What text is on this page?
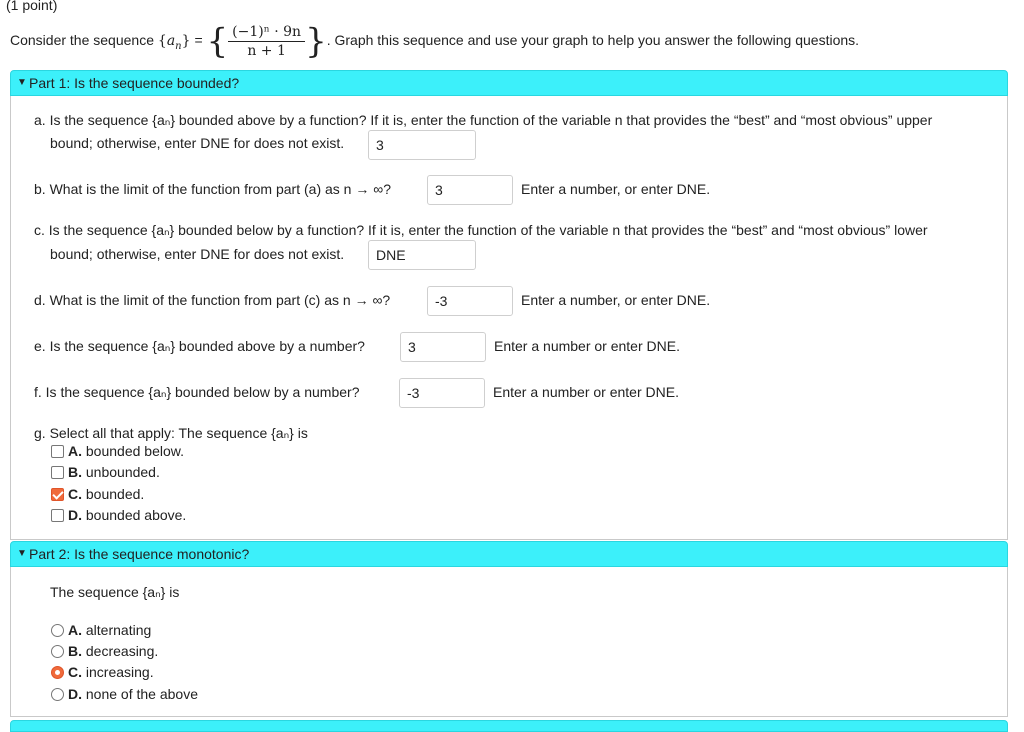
(1 point)
Consider the sequence $\{a_n\}$ = { $\frac{\text{(−1)ⁿ · 9n}}{n + 1}$ }. Graph this sequence and use your graph to help you answer the following questions.
▼ Part 1: Is the sequence bounded?
a. Is the sequence {aₙ} bounded above by a function? If it is, enter the function of the variable n that provides the “best” and “most obvious” upper
bound; otherwise, enter DNE for does not exist.
3
b. What is the limit of the function from part (a) as n → ∞?
3	Enter a number, or enter DNE.
c. Is the sequence {aₙ} bounded below by a function? If it is, enter the function of the variable n that provides the “best” and “most obvious” lower
bound; otherwise, enter DNE for does not exist.
DNE
d. What is the limit of the function from part (c) as n → ∞?
-3	Enter a number, or enter DNE.
e. Is the sequence {aₙ} bounded above by a number?
3	Enter a number or enter DNE.
f. Is the sequence {aₙ} bounded below by a number?
-3	Enter a number or enter DNE.
g. Select all that apply: The sequence {aₙ} is
A. bounded below.
B. unbounded.
C. bounded.
D. bounded above.
▼ Part 2: Is the sequence monotonic?
The sequence {aₙ} is
A. alternating
B. decreasing.
C. increasing.
D. none of the above
